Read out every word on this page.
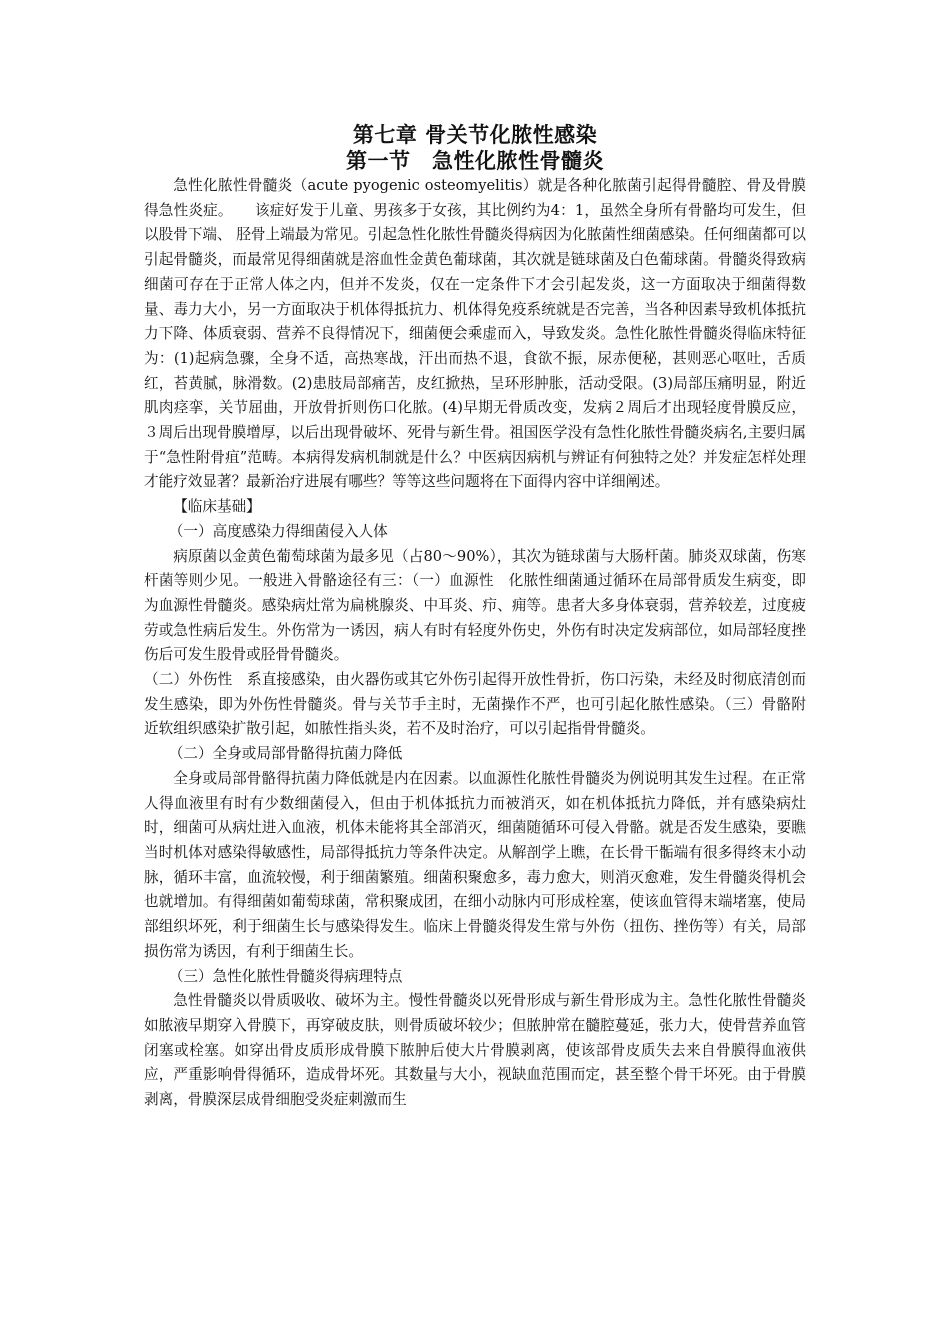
第七章 骨关节化脓性感染
第一节　急性化脓性骨髓炎

急性化脓性骨髓炎（acute pyogenic osteomyelitis）就是各种化脓菌引起得骨髓腔、骨及骨膜得急性炎症。　　该症好发于儿童、男孩多于女孩，其比例约为4：1，虽然全身所有骨骼均可发生，但以股骨下端、 胫骨上端最为常见。引起急性化脓性骨髓炎得病因为化脓菌性细菌感染。任何细菌都可以引起骨髓炎，而最常见得细菌就是溶血性金黄色葡球菌，其次就是链球菌及白色葡球菌。骨髓炎得致病细菌可存在于正常人体之内，但并不发炎，仅在一定条件下才会引起发炎，这一方面取决于细菌得数量、毒力大小，另一方面取决于机体得抵抗力、机体得免疫系统就是否完善，当各种因素导致机体抵抗力下降、体质衰弱、营养不良得情况下，细菌便会乘虚而入，导致发炎。急性化脓性骨髓炎得临床特征为：(1)起病急骤，全身不适，高热寒战，汗出而热不退，食欲不振，尿赤便秘，甚则恶心呕吐，舌质红，苔黄腻，脉滑数。(2)患肢局部痛苦，皮红掀热，呈环形肿胀，活动受限。(3)局部压痛明显，附近肌肉痉挛，关节屈曲，开放骨折则伤口化脓。(4)早期无骨质改变，发病２周后才出现轻度骨膜反应，３周后出现骨膜增厚，以后出现骨破坏、死骨与新生骨。祖国医学没有急性化脓性骨髓炎病名,主要归属于“急性附骨疽”范畴。本病得发病机制就是什么？中医病因病机与辨证有何独特之处？并发症怎样处理才能疗效显著？最新治疗进展有哪些？等等这些问题将在下面得内容中详细阐述。

【临床基础】

（一）高度感染力得细菌侵入人体

病原菌以金黄色葡萄球菌为最多见（占80～90%），其次为链球菌与大肠杆菌。肺炎双球菌，伤寒杆菌等则少见。一般进入骨骼途径有三：（一）血源性　化脓性细菌通过循环在局部骨质发生病变，即为血源性骨髓炎。感染病灶常为扁桃腺炎、中耳炎、疖、痈等。患者大多身体衰弱，营养较差，过度疲劳或急性病后发生。外伤常为一诱因，病人有时有轻度外伤史，外伤有时决定发病部位，如局部轻度挫伤后可发生股骨或胫骨骨髓炎。

（二）外伤性　系直接感染，由火器伤或其它外伤引起得开放性骨折，伤口污染，未经及时彻底清创而发生感染，即为外伤性骨髓炎。骨与关节手主时，无菌操作不严，也可引起化脓性感染。（三）骨骼附近软组织感染扩散引起，如脓性指头炎，若不及时治疗，可以引起指骨骨髓炎。

（二）全身或局部骨骼得抗菌力降低

全身或局部骨骼得抗菌力降低就是内在因素。以血源性化脓性骨髓炎为例说明其发生过程。在正常人得血液里有时有少数细菌侵入，但由于机体抵抗力而被消灭，如在机体抵抗力降低，并有感染病灶时，细菌可从病灶进入血液，机体未能将其全部消灭，细菌随循环可侵入骨骼。就是否发生感染，要瞧当时机体对感染得敏感性，局部得抵抗力等条件决定。从解剖学上瞧，在长骨干骺端有很多得终末小动脉，循环丰富，血流较慢，利于细菌繁殖。细菌积聚愈多，毒力愈大，则消灭愈难，发生骨髓炎得机会也就增加。有得细菌如葡萄球菌，常积聚成团，在细小动脉内可形成栓塞，使该血管得末端堵塞，使局部组织坏死，利于细菌生长与感染得发生。临床上骨髓炎得发生常与外伤（扭伤、挫伤等）有关，局部损伤常为诱因，有利于细菌生长。

（三）急性化脓性骨髓炎得病理特点

急性骨髓炎以骨质吸收、破坏为主。慢性骨髓炎以死骨形成与新生骨形成为主。急性化脓性骨髓炎如脓液早期穿入骨膜下，再穿破皮肤，则骨质破坏较少；但脓肿常在髓腔蔓延，张力大，使骨营养血管闭塞或栓塞。如穿出骨皮质形成骨膜下脓肿后使大片骨膜剥离，使该部骨皮质失去来自骨膜得血液供应，严重影响骨得循环，造成骨坏死。其数量与大小，视缺血范围而定，甚至整个骨干坏死。由于骨膜剥离，骨膜深层成骨细胞受炎症刺激而生
